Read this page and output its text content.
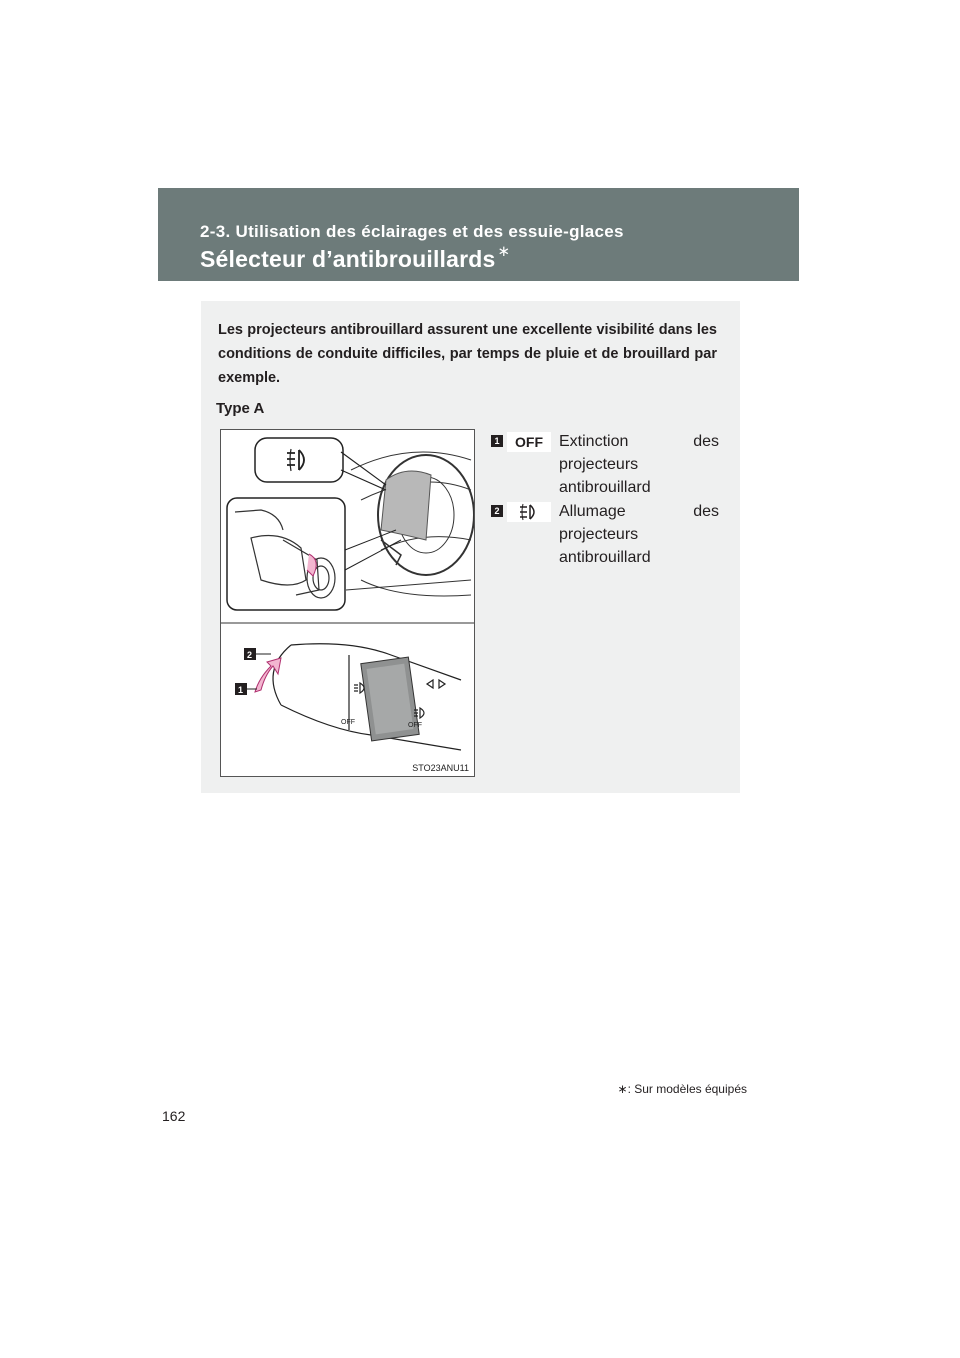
2-3. Utilisation des éclairages et des essuie-glaces
Sélecteur d’antibrouillards ∗
Les projecteurs antibrouillard assurent une excellente visibilité dans les conditions de conduite difficiles, par temps de pluie et de brouillard par exemple.
Type A
OFF	OFF
2
1
STO23ANU11
1	OFF	Extinction	des
projecteurs
antibrouillard
2	Allumage	des
projecteurs
antibrouillard
∗: Sur modèles équipés
162
